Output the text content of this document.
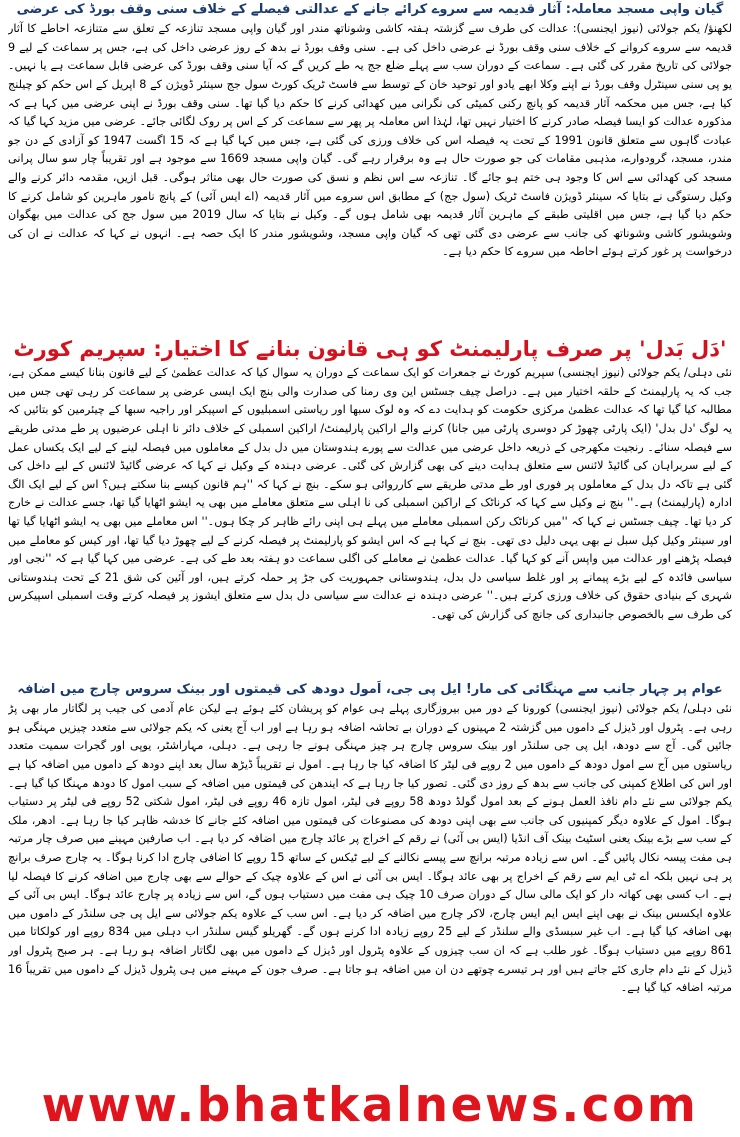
گیان واپی مسجد معاملہ: آثار قدیمہ سے سروے کرائے جانے کے عدالتی فیصلے کے خلاف سنی وقف بورڈ کی عرضی

لکھنؤ/ یکم جولائی (نیوز ایجنسی): عدالت کی طرف سے گزشتہ ہفتہ کاشی وشوناتھ مندر اور گیان واپی مسجد تنازعہ کے تعلق سے متنازعہ احاطے کا آثار قدیمہ سے سروے کروانے کے خلاف سنی وقف بورڈ نے عرضی داخل کی ہے۔ سنی وقف بورڈ نے بدھ کے روز عرضی داخل کی ہے، جس پر سماعت کے لیے 9 جولائی کی تاریخ مقرر کی گئی ہے۔ سماعت کے دوران سب سے پہلے ضلع جج یہ طے کریں گے کہ آیا سنی وقف بورڈ کی عرضی قابل سماعت ہے یا نہیں۔ یو پی سنی سینٹرل وقف بورڈ نے اپنے وکلا ابھے یادو اور توحید خان کے توسط سے فاسٹ ٹریک کورٹ سول جج سینئر ڈویژن کے 8 اپریل کے اس حکم کو چیلنج کیا ہے، جس میں محکمہ آثار قدیمہ کو پانچ رکنی کمیٹی کی نگرانی میں کھدائی کرنے کا حکم دیا گیا تھا۔ سنی وقف بورڈ نے اپنی عرضی میں کہا ہے کہ مذکورہ عدالت کو ایسا فیصلہ صادر کرنے کا اختیار نہیں تھا، لہٰذا اس معاملہ پر پھر سے سماعت کر کے اس پر روک لگائی جائے۔ عرضی میں مزید کہا گیا کہ عبادت گاہوں سے متعلق قانون 1991 کے تحت یہ فیصلہ اس کی خلاف ورزی کی گئی ہے، جس میں کہا گیا ہے کہ 15 اگست 1947 کو آزادی کے دن جو مندر، مسجد، گرودوارے، مذہبی مقامات کی جو صورت حال ہے وہ برقرار رہے گی۔ گیان واپی مسجد 1669 سے موجود ہے اور تقریباً چار سو سال پرانی مسجد کی کھدائی سے اس کا وجود ہی ختم ہو جائے گا۔ تنازعہ سے اس نظم و نسق کی صورت حال بھی متاثر ہوگی۔ قبل ازیں، مقدمہ دائر کرنے والے وکیل رستوگی نے بتایا کہ سینئر ڈویژن فاسٹ ٹریک (سول جج) کے مطابق اس سروے میں آثار قدیمہ (اے ایس آئی) کے پانچ نامور ماہرین کو شامل کرنے کا حکم دیا گیا ہے، جس میں اقلیتی طبقے کے ماہرین آثار قدیمہ بھی شامل ہوں گے۔ وکیل نے بتایا کہ سال 2019 میں سول جج کی عدالت میں بھگوان وشویشور کاشی وشوناتھ کی جانب سے عرضی دی گئی تھی کہ گیان واپی مسجد، وشویشور مندر کا ایک حصہ ہے۔ انہوں نے کہا کہ عدالت نے ان کی درخواست پر غور کرتے ہوئے احاطہ میں سروے کا حکم دیا ہے۔

'دَل بَدل' پر صرف پارلیمنٹ کو ہی قانون بنانے کا اختیار: سپریم کورٹ

نئی دہلی/ یکم جولائی (نیوز ایجنسی) سپریم کورٹ نے جمعرات کو ایک سماعت کے دوران یہ سوال کیا کہ عدالت عظمیٰ کے لیے قانون بنانا کیسے ممکن ہے، جب کہ یہ پارلیمنٹ کے حلقہ اختیار میں ہے۔ دراصل چیف جسٹس این وی رمنا کی صدارت والی بنچ ایک ایسی عرضی پر سماعت کر رہی تھی جس میں مطالبہ کیا گیا تھا کہ عدالت عظمیٰ مرکزی حکومت کو ہدایت دے کہ وہ لوک سبھا اور ریاستی اسمبلیوں کے اسپیکر اور راجیہ سبھا کے چیئرمین کو بتائیں کہ یہ لوگ 'دل بدل' (ایک پارٹی چھوڑ کر دوسری پارٹی میں جانا) کرنے والے اراکین پارلیمنٹ/ اراکین اسمبلی کے خلاف دائر نا اہلی عرضیوں پر طے مدتی طریقے سے فیصلہ سنائے۔ رنجیت مکھرجی کے ذریعہ داخل عرضی میں عدالت سے پورے ہندوستان میں دل بدل کے معاملوں میں فیصلہ لینے کے لیے ایک یکساں عمل کے لیے سربراہان کی گائیڈ لائنس سے متعلق ہدایت دینے کی بھی گزارش کی گئی۔ عرضی دہندہ کے وکیل نے کہا کہ عرضی گائیڈ لائنس کے لیے داخل کی گئی ہے تاکہ دل بدل کے معاملوں پر فوری اور طے مدتی طریقے سے کارروائی ہو سکے۔ بنچ نے کہا کہ ''ہم قانون کیسے بنا سکتے ہیں؟ اس کے لیے ایک الگ ادارہ (پارلیمنٹ) ہے۔'' بنچ نے وکیل سے کہا کہ کرناٹک کے اراکین اسمبلی کی نا اہلی سے متعلق معاملے میں بھی یہ ایشو اٹھایا گیا تھا، جسے عدالت نے خارج کر دیا تھا۔ چیف جسٹس نے کہا کہ ''میں کرناٹک رکن اسمبلی معاملے میں پہلے ہی اپنی رائے ظاہر کر چکا ہوں۔'' اس معاملے میں بھی یہ ایشو اٹھایا گیا تھا اور سینئر وکیل کپل سبل نے بھی یہی دلیل دی تھی۔ بنچ نے کہا ہے کہ اس ایشو کو پارلیمنٹ پر فیصلہ کرنے کے لیے چھوڑ دیا گیا تھا، اور کیس کو معاملے میں فیصلہ پڑھنے اور عدالت میں واپس آنے کو کہا گیا۔ عدالت عظمیٰ نے معاملے کی اگلی سماعت دو ہفتہ بعد طے کی ہے۔ عرضی میں کہا گیا ہے کہ ''نجی اور سیاسی فائدہ کے لیے بڑے پیمانے پر اور غلط سیاسی دل بدل، ہندوستانی جمہوریت کی جڑ پر حملہ کرتے ہیں، اور آئین کی شق 21 کے تحت ہندوستانی شہری کے بنیادی حقوق کی خلاف ورزی کرتے ہیں۔'' عرضی دہندہ نے عدالت سے سیاسی دل بدل سے متعلق ایشوز پر فیصلہ کرتے وقت اسمبلی اسپیکرس کی طرف سے بالخصوص جانبداری کی جانچ کی گزارش کی تھی۔

عوام پر چہار جانب سے مہنگائی کی مار! ایل پی جی، اَمول دودھ کی قیمتوں اور بینک سروس چارج میں اضافہ

نئی دہلی/ یکم جولائی (نیوز ایجنسی) کورونا کے دور میں بیروزگاری پہلے ہی عوام کو پریشان کئے ہوئے ہے لیکن عام آدمی کی جیب پر لگاتار مار بھی پڑ رہی ہے۔ پٹرول اور ڈیزل کے داموں میں گزشتہ 2 مہینوں کے دوران بے تحاشہ اضافہ ہو رہا ہے اور اب آج یعنی کہ یکم جولائی سے متعدد چیزیں مہنگی ہو جائیں گی۔ آج سے دودھ، ایل پی جی سلنڈر اور بینک سروس چارج ہر چیز مہنگی ہونے جا رہی ہے۔ دہلی، مہاراشٹر، یوپی اور گجرات سمیت متعدد ریاستوں میں آج سے امول دودھ کے داموں میں 2 روپے فی لیٹر کا اضافہ کیا جا رہا ہے۔ امول نے تقریباً ڈیڑھ سال بعد اپنے دودھ کے داموں میں اضافہ کیا ہے اور اس کی اطلاع کمپنی کی جانب سے بدھ کے روز دی گئی۔ تصور کیا جا رہا ہے کہ ایندھن کی قیمتوں میں اضافہ کے سبب امول کا دودھ مہنگا کیا گیا ہے۔ یکم جولائی سے نئے دام نافذ العمل ہونے کے بعد امول گولڈ دودھ 58 روپے فی لیٹر، امول تازہ 46 روپے فی لیٹر، امول شکتی 52 روپے فی لیٹر پر دستیاب ہوگا۔ امول کے علاوہ دیگر کمپنیوں کی جانب سے بھی اپنی دودھ کی مصنوعات کی قیمتوں میں اضافہ کئے جانے کا خدشہ ظاہر کیا جا رہا ہے۔ ادھر، ملک کے سب سے بڑے بینک یعنی اسٹیٹ بینک آف انڈیا (ایس بی آئی) نے رقم کے اخراج پر عائد چارج میں اضافہ کر دیا ہے۔ اب صارفین مہینے میں صرف چار مرتبہ ہی مفت پیسہ نکال پائیں گے۔ اس سے زیادہ مرتبہ برانچ سے پیسے نکالنے کے لیے ٹیکس کے ساتھ 15 روپے کا اضافی چارج ادا کرنا ہوگا۔ یہ چارج صرف برانچ پر ہی نہیں بلکہ اے ٹی ایم سے رقم کے اخراج پر بھی عائد ہوگا۔ ایس بی آئی نے اس کے علاوہ چیک کے حوالے سے بھی چارج میں اضافہ کرنے کا فیصلہ لیا ہے۔ اب کسی بھی کھاتہ دار کو ایک مالی سال کے دوران صرف 10 چیک ہی مفت میں دستیاب ہوں گے، اس سے زیادہ پر چارج عائد ہوگا۔ ایس بی آئی کے علاوہ ایکسس بینک نے بھی اپنے ایس ایم ایس چارج، لاکر چارج میں اضافہ کر دیا ہے۔ اس سب کے علاوہ یکم جولائی سے ایل پی جی سلنڈر کے داموں میں بھی اضافہ کیا گیا ہے۔ اب غیر سبسڈی والے سلنڈر کے لیے 25 روپے زیادہ ادا کرنے ہوں گے۔ گھریلو گیس سلنڈر اب دہلی میں 834 روپے اور کولکاتا میں 861 روپے میں دستیاب ہوگا۔ غور طلب ہے کہ ان سب چیزوں کے علاوہ پٹرول اور ڈیزل کے داموں میں بھی لگاتار اضافہ ہو رہا ہے۔ ہر صبح پٹرول اور ڈیزل کے نئے دام جاری کئے جاتے ہیں اور ہر تیسرے چوتھے دن ان میں اضافہ ہو جاتا ہے۔ صرف جون کے مہینے میں ہی پٹرول ڈیزل کے داموں میں تقریباً 16 مرتبہ اضافہ کیا گیا ہے۔

www.bhatkalnews.com
